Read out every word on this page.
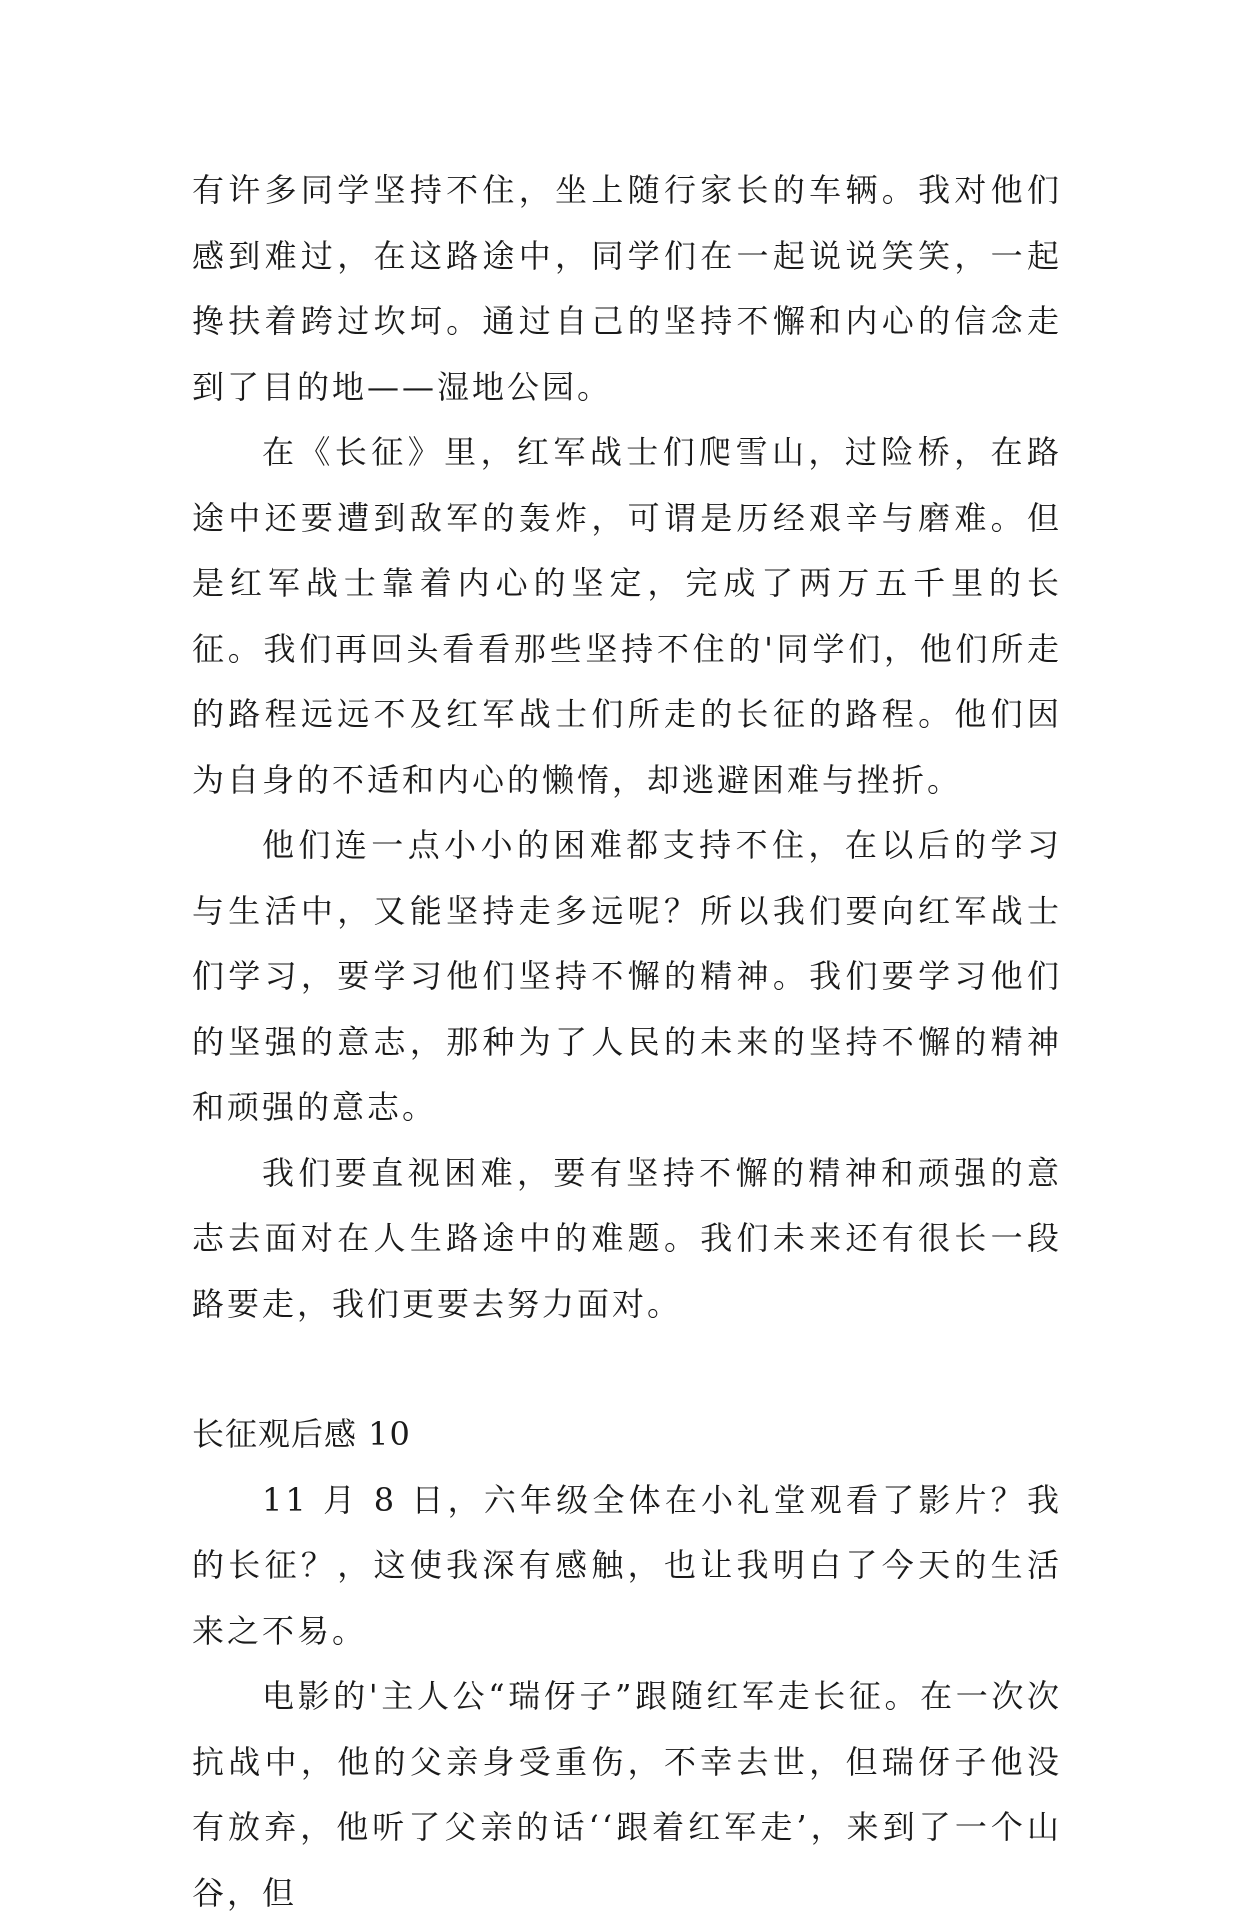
有许多同学坚持不住，坐上随行家长的车辆。我对他们感到难过，在这路途中，同学们在一起说说笑笑，一起搀扶着跨过坎坷。通过自己的坚持不懈和内心的信念走到了目的地——湿地公园。

在《长征》里，红军战士们爬雪山，过险桥，在路途中还要遭到敌军的轰炸，可谓是历经艰辛与磨难。但是红军战士靠着内心的坚定，完成了两万五千里的长征。我们再回头看看那些坚持不住的'同学们，他们所走的路程远远不及红军战士们所走的长征的路程。他们因为自身的不适和内心的懒惰，却逃避困难与挫折。

他们连一点小小的困难都支持不住，在以后的学习与生活中，又能坚持走多远呢？所以我们要向红军战士们学习，要学习他们坚持不懈的精神。我们要学习他们的坚强的意志，那种为了人民的未来的坚持不懈的精神和顽强的意志。

我们要直视困难，要有坚持不懈的精神和顽强的意志去面对在人生路途中的难题。我们未来还有很长一段路要走，我们更要去努力面对。

长征观后感 10

11 月 8 日，六年级全体在小礼堂观看了影片？我的长征？，这使我深有感触，也让我明白了今天的生活来之不易。

电影的'主人公“瑞伢子”跟随红军走长征。在一次次抗战中，他的父亲身受重伤，不幸去世，但瑞伢子他没有放弃，他听了父亲的话‘‘跟着红军走’，来到了一个山谷，但
